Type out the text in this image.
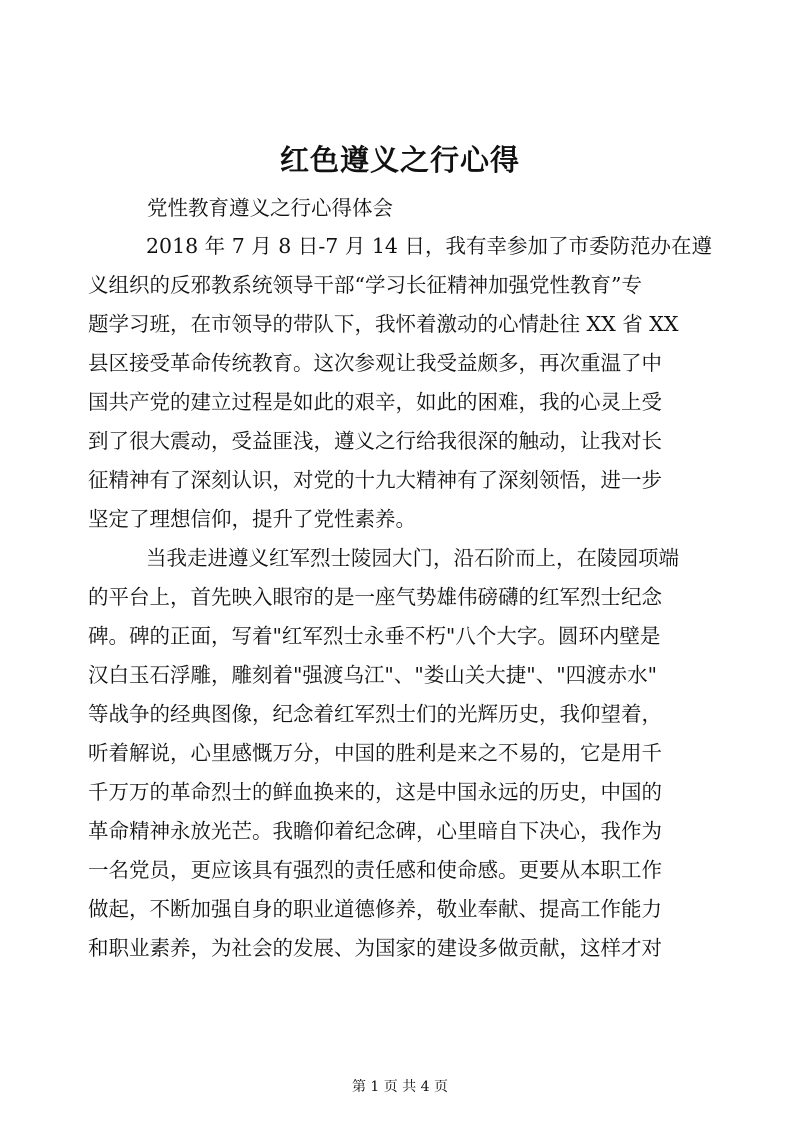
红色遵义之行心得
党性教育遵义之行心得体会
2018 年 7 月 8 日-7 月 14 日，我有幸参加了市委防范办在遵
义组织的反邪教系统领导干部“学习长征精神加强党性教育”专
题学习班，在市领导的带队下，我怀着激动的心情赴往 XX 省 XX
县区接受革命传统教育。这次参观让我受益颇多，再次重温了中
国共产党的建立过程是如此的艰辛，如此的困难，我的心灵上受
到了很大震动，受益匪浅，遵义之行给我很深的触动，让我对长
征精神有了深刻认识，对党的十九大精神有了深刻领悟，进一步
坚定了理想信仰，提升了党性素养。
当我走进遵义红军烈士陵园大门，沿石阶而上，在陵园项端
的平台上，首先映入眼帘的是一座气势雄伟磅礴的红军烈士纪念
碑。碑的正面，写着"红军烈士永垂不朽"八个大字。圆环内壁是
汉白玉石浮雕，雕刻着"强渡乌江"、"娄山关大捷"、"四渡赤水"
等战争的经典图像，纪念着红军烈士们的光辉历史，我仰望着，
听着解说，心里感慨万分，中国的胜利是来之不易的，它是用千
千万万的革命烈士的鲜血换来的，这是中国永远的历史，中国的
革命精神永放光芒。我瞻仰着纪念碑，心里暗自下决心，我作为
一名党员，更应该具有强烈的责任感和使命感。更要从本职工作
做起，不断加强自身的职业道德修养，敬业奉献、提高工作能力
和职业素养，为社会的发展、为国家的建设多做贡献，这样才对
第 1 页 共 4 页
